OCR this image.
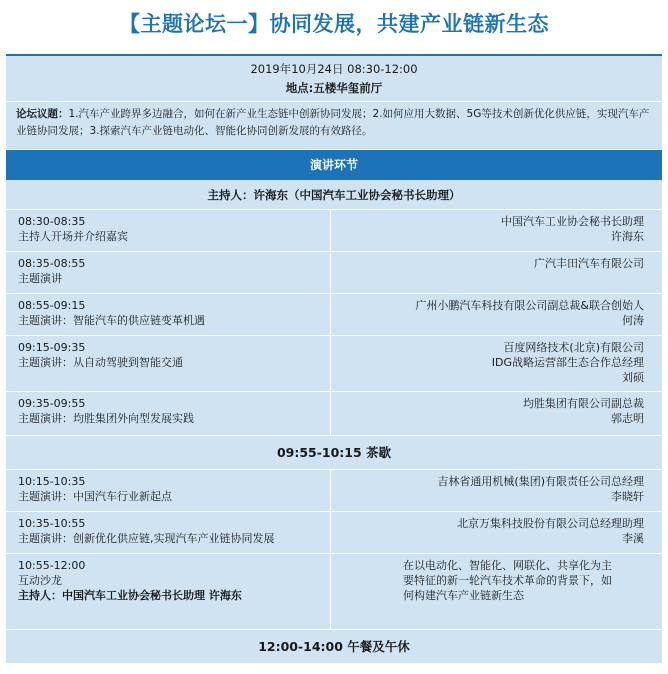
【主题论坛一】协同发展，共建产业链新生态
2019年10月24日 08:30-12:00
地点:五楼华玺前厅
论坛议题：1.汽车产业跨界多边融合，如何在新产业生态链中创新协同发展；2.如何应用大数据、5G等技术创新优化供应链，实现汽车产业链协同发展；3.探索汽车产业链电动化、智能化协同创新发展的有效路径。
演讲环节
主持人：许海东（中国汽车工业协会秘书长助理）
08:30-08:35
主持人开场并介绍嘉宾
中国汽车工业协会秘书长助理
许海东
08:35-08:55
主题演讲
广汽丰田汽车有限公司
08:55-09:15
主题演讲：智能汽车的供应链变革机遇
广州小鹏汽车科技有限公司副总裁&联合创始人
何涛
09:15-09:35
主题演讲：从自动驾驶到智能交通
百度网络技术(北京)有限公司
IDG战略运营部生态合作总经理
刘硕
09:35-09:55
主题演讲：均胜集团外向型发展实践
均胜集团有限公司副总裁
郭志明
09:55-10:15 茶歇
10:15-10:35
主题演讲：中国汽车行业新起点
吉林省通用机械(集团)有限责任公司总经理
李晓轩
10:35-10:55
主题演讲：创新优化供应链,实现汽车产业链协同发展
北京万集科技股份有限公司总经理助理
李溪
10:55-12:00
互动沙龙
主持人：中国汽车工业协会秘书长助理 许海东
在以电动化、智能化、网联化、共享化为主
要特征的新一轮汽车技术革命的背景下，如
何构建汽车产业链新生态
12:00-14:00 午餐及午休
